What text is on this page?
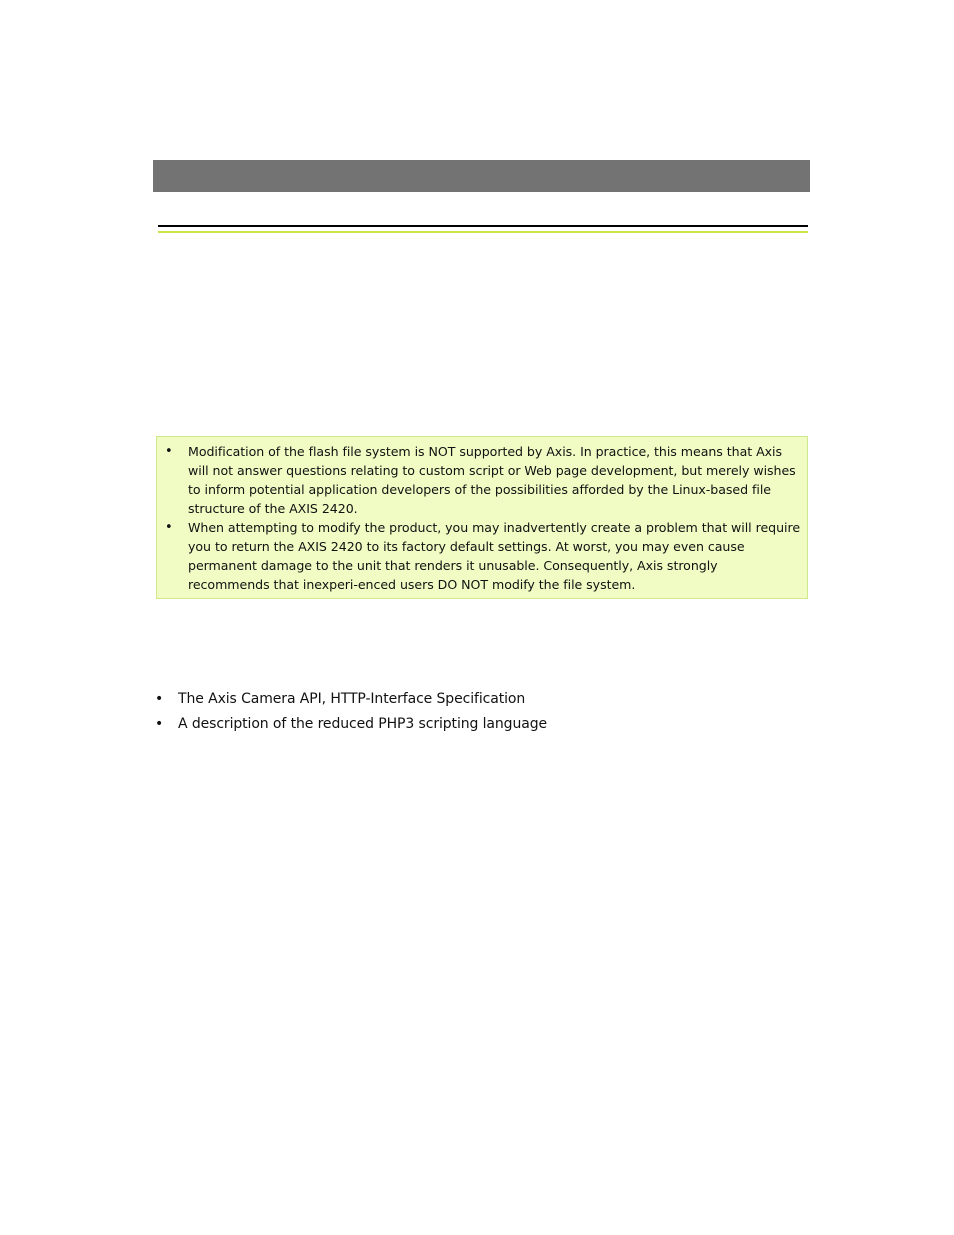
• Modification of the flash file system is NOT supported by Axis. In practice, this means that Axis will not answer questions relating to custom script or Web page development, but merely wishes to inform potential application developers of the possibilities afforded by the Linux-based file structure of the AXIS 2420.
• When attempting to modify the product, you may inadvertently create a problem that will require you to return the AXIS 2420 to its factory default settings. At worst, you may even cause permanent damage to the unit that renders it unusable. Consequently, Axis strongly recommends that inexperi-enced users DO NOT modify the file system.
• The Axis Camera API, HTTP-Interface Specification
• A description of the reduced PHP3 scripting language
